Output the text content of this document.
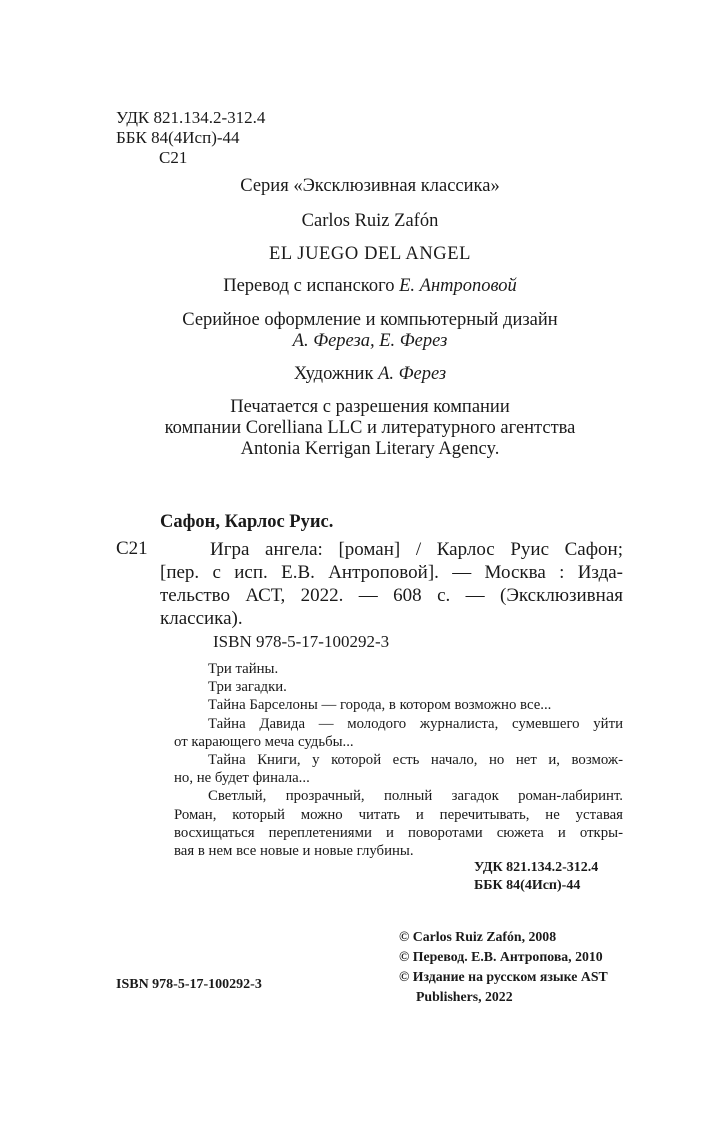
УДК 821.134.2-312.4
ББК 84(4Исп)-44
С21
Серия «Эксклюзивная классика»
Carlos Ruiz Zafón
EL JUEGO DEL ANGEL
Перевод с испанского Е. Антроповой
Серийное оформление и компьютерный дизайн
А. Фереза, Е. Ферез
Художник А. Ферез
Печатается с разрешения компании
компании Corelliana LLC и литературного агентства
Antonia Kerrigan Literary Agency.
Сафон, Карлос Руис.
С21	Игра ангела: [роман] / Карлос Руис Сафон;
[пер. с исп. Е.В. Антроповой]. — Москва : Изда-
тельство АСТ, 2022. — 608 с. — (Эксклюзивная
классика).
ISBN 978-5-17-100292-3
Три тайны.
Три загадки.
Тайна Барселоны — города, в котором возможно все...
Тайна Давида — молодого журналиста, сумевшего уйти
от карающего меча судьбы...
Тайна Книги, у которой есть начало, но нет и, возмож-
но, не будет финала...
Светлый, прозрачный, полный загадок роман-лабиринт.
Роман, который можно читать и перечитывать, не уставая
восхищаться переплетениями и поворотами сюжета и откры-
вая в нем все новые и новые глубины.
УДК 821.134.2-312.4
ББК 84(4Исп)-44
© Carlos Ruiz Zafón, 2008
© Перевод. Е.В. Антропова, 2010
© Издание на русском языке AST
Publishers, 2022
ISBN 978-5-17-100292-3
